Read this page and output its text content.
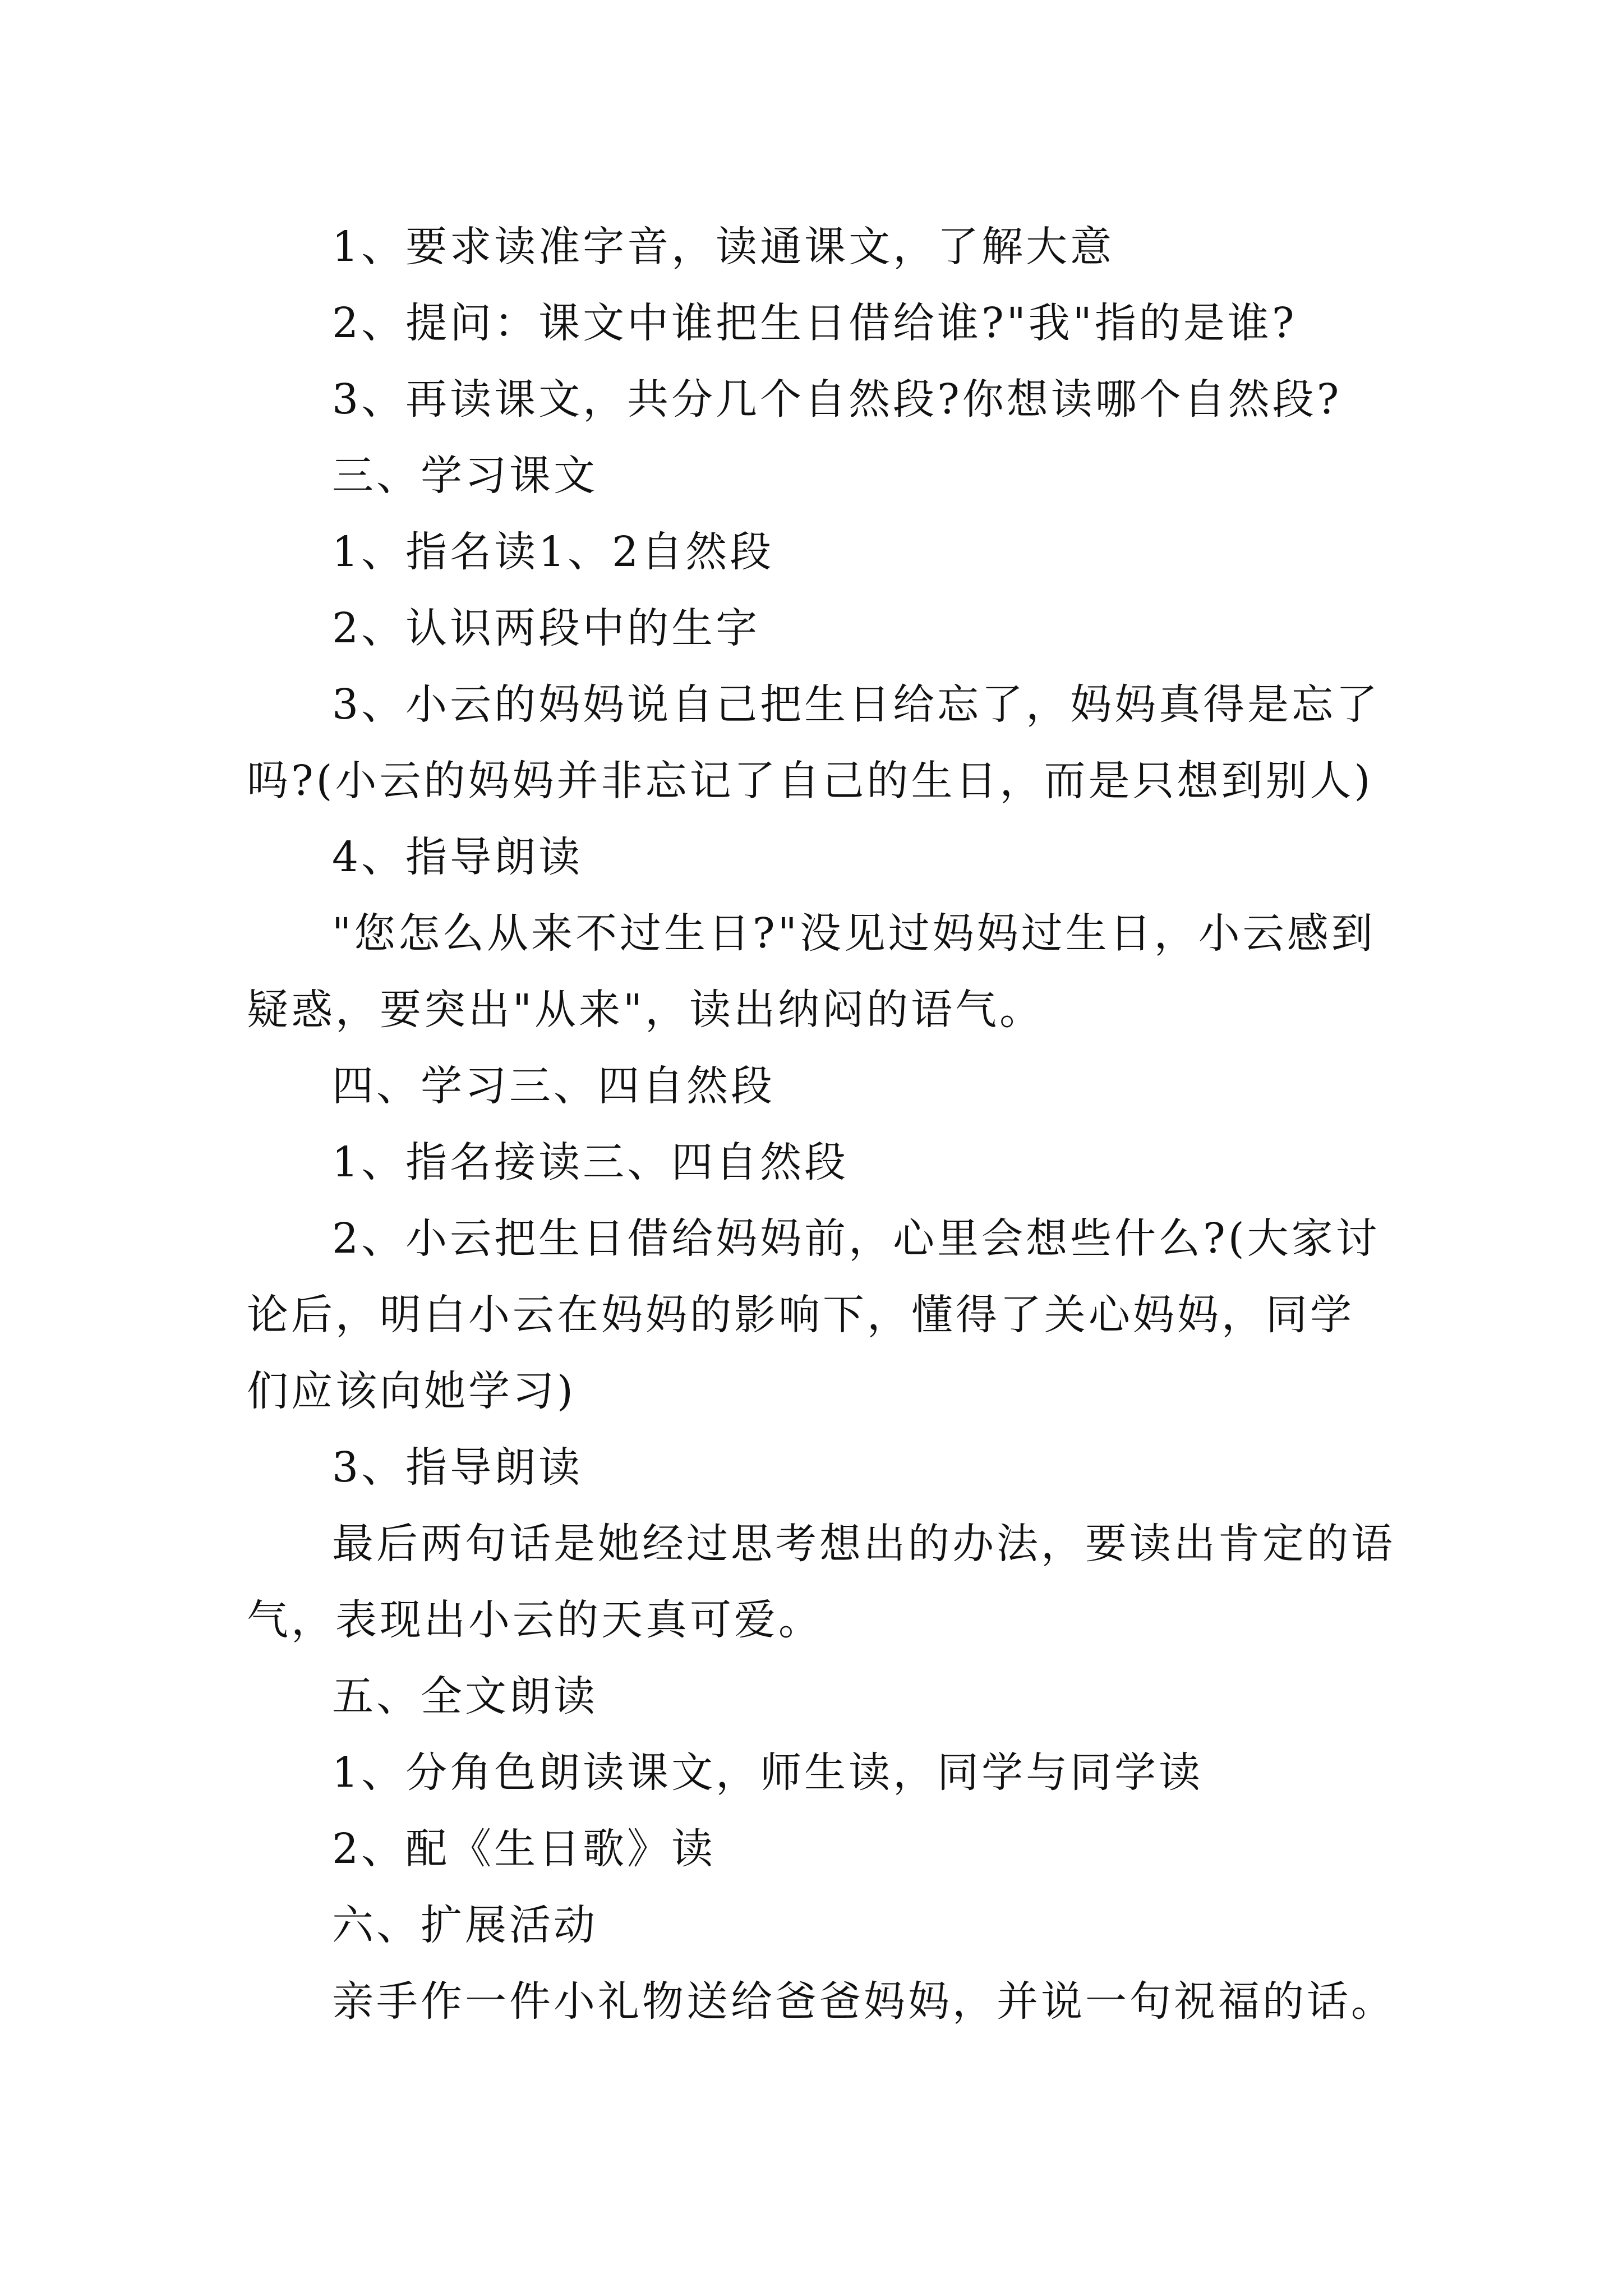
1、要求读准字音，读通课文，了解大意

2、提问：课文中谁把生日借给谁?"我"指的是谁?

3、再读课文，共分几个自然段?你想读哪个自然段?

三、学习课文

1、指名读1、2自然段

2、认识两段中的生字

3、小云的妈妈说自己把生日给忘了，妈妈真得是忘了吗?(小云的妈妈并非忘记了自己的生日，而是只想到别人)

4、指导朗读

"您怎么从来不过生日?"没见过妈妈过生日，小云感到疑惑，要突出"从来"，读出纳闷的语气。

四、学习三、四自然段

1、指名接读三、四自然段

2、小云把生日借给妈妈前，心里会想些什么?(大家讨论后，明白小云在妈妈的影响下，懂得了关心妈妈，同学们应该向她学习)

3、指导朗读

最后两句话是她经过思考想出的办法，要读出肯定的语气，表现出小云的天真可爱。

五、全文朗读

1、分角色朗读课文，师生读，同学与同学读

2、配《生日歌》读

六、扩展活动

亲手作一件小礼物送给爸爸妈妈，并说一句祝福的话。
